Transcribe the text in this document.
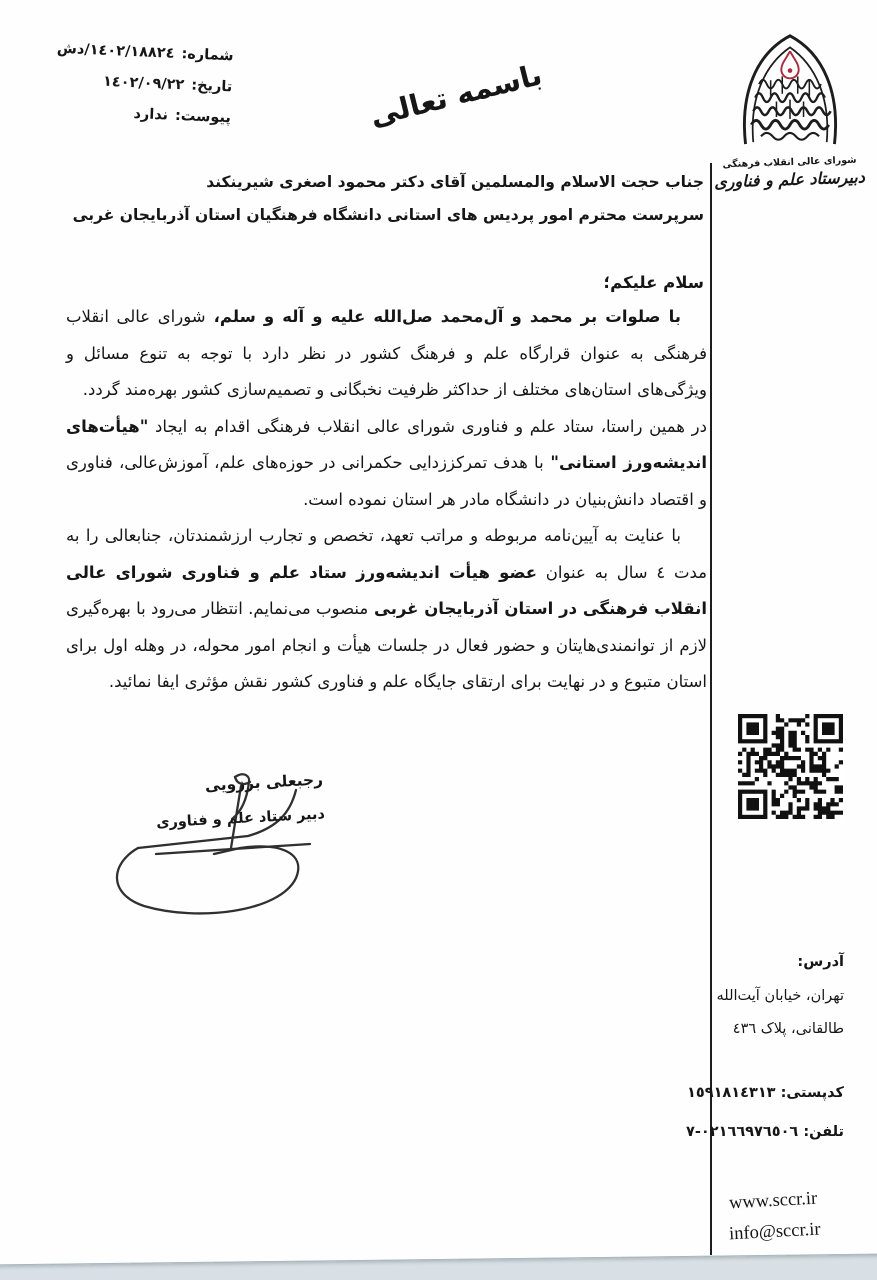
شماره:١٤٠٢/١٨٨٢٤/دش
تاریخ:١٤٠٢/٠٩/٢٢
پیوست:ندارد	باسمه تعالی
شورای عالی انقلاب فرهنگی
دبیرستاد علم و فناوری
جناب حجت الاسلام والمسلمین آقای دکتر محمود اصغری شیرینکند
سرپرست محترم امور پردیس های استانی دانشگاه فرهنگیان استان آذربایجان غربی
سلام علیکم؛

با صلوات بر محمد و آل‌محمد صل‌الله علیه و آله و سلم، شورای عالی انقلاب فرهنگی به عنوان قرارگاه علم و فرهنگ کشور در نظر دارد با توجه به تنوع مسائل و ویژگی‌های استان‌های مختلف از حداکثر ظرفیت نخبگانی و تصمیم‌سازی کشور بهره‌مند گردد.

در همین راستا، ستاد علم و فناوری شورای عالی انقلاب فرهنگی اقدام به ایجاد "هیأت‌های اندیشه‌ورز استانی" با هدف تمرکززدایی حکمرانی در حوزه‌های علم، آموزش‌عالی، فناوری و اقتصاد دانش‌بنیان در دانشگاه مادر هر استان نموده است.

با عنایت به آیین‌نامه مربوطه و مراتب تعهد، تخصص و تجارب ارزشمندتان، جنابعالی را به مدت ٤ سال به عنوان عضو هیأت اندیشه‌ورز ستاد علم و فناوری شورای عالی انقلاب فرهنگی در استان آذربایجان غربی منصوب می‌نمایم. انتظار می‌رود با بهره‌گیری لازم از توانمندی‌هایتان و حضور فعال در جلسات هیأت و انجام امور محوله، در وهله اول برای استان متبوع و در نهایت برای ارتقای جایگاه علم و فناوری کشور نقش مؤثری ایفا نمائید.

رجبعلی برزویی
دبیر ستاد علم و فناوری
آدرس:
تهران، خیابان آیت‌الله
طالقانی، پلاک ٤٣٦
کدپستی: ١٥٩١٨١٤٣١٣
تلفن: ٠٢١٦٦٩٧٦٥٠٦-٧
www.sccr.ir
info@sccr.ir
